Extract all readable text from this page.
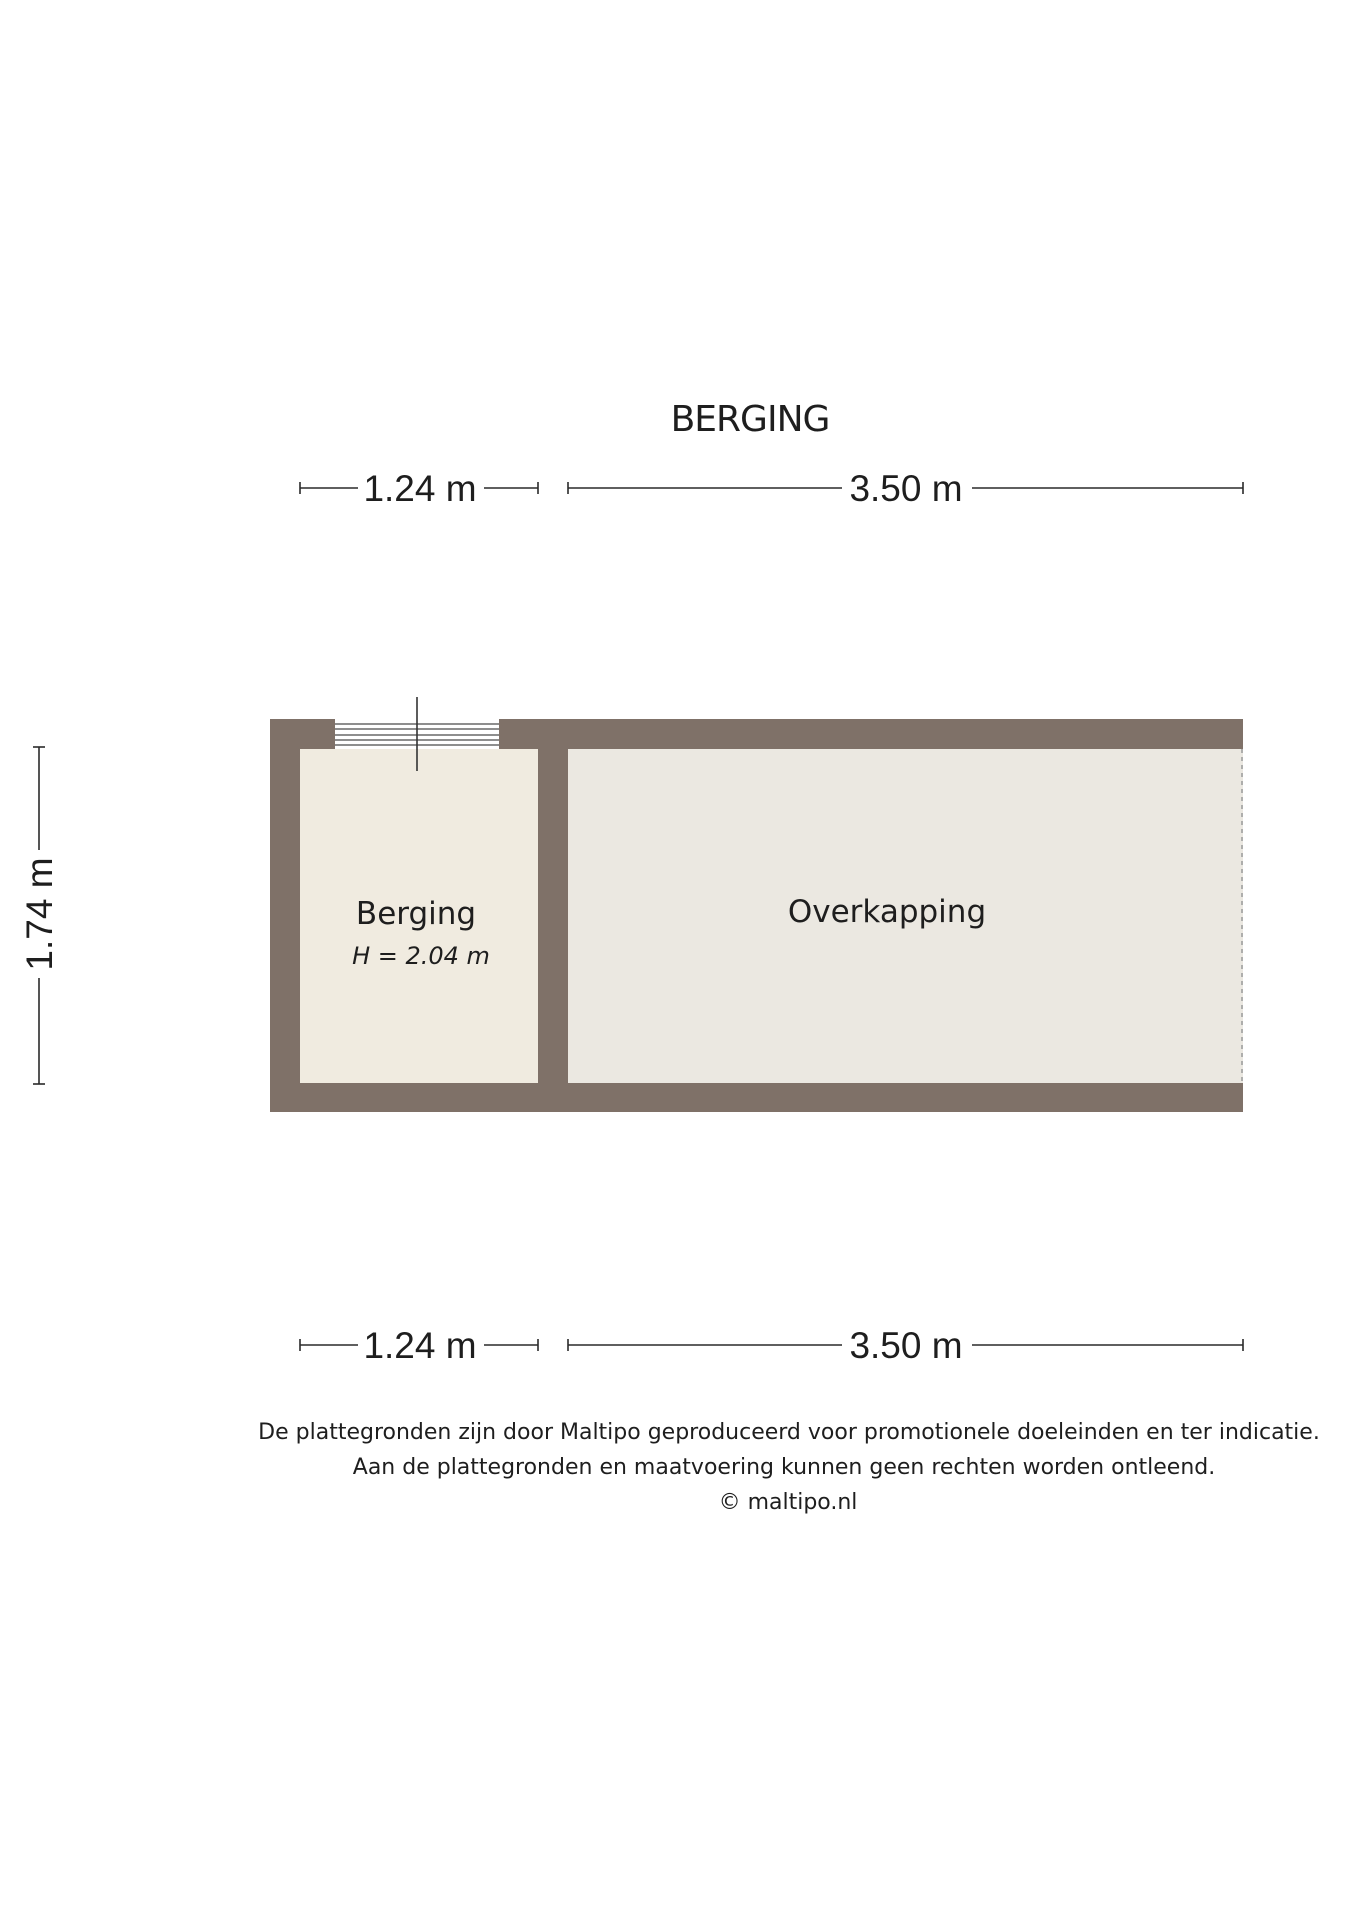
BERGING
1.24 m	3.50 m
1.74 m	Berging
H = 2.04 m
Overkapping
1.24 m	3.50 m
De plattegronden zijn door Maltipo geproduceerd voor promotionele doeleinden en ter indicatie.
Aan de plattegronden en maatvoering kunnen geen rechten worden ontleend.
© maltipo.nl
